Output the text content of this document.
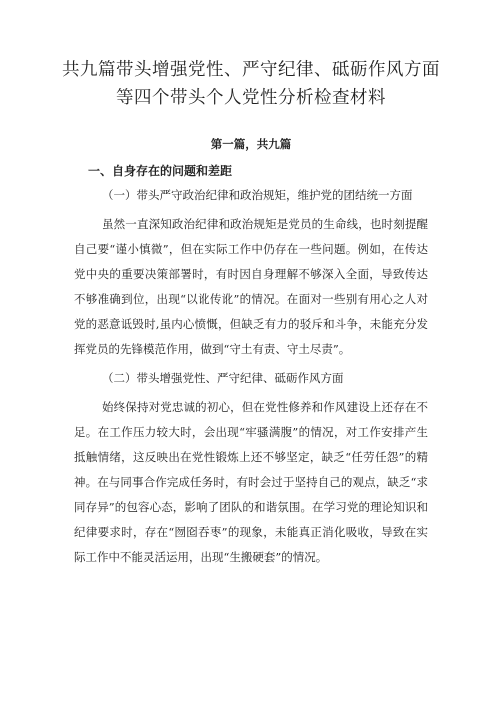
共九篇带头增强党性、严守纪律、砥砺作风方面等四个带头个人党性分析检查材料
第一篇，共九篇
一、自身存在的问题和差距
（一）带头严守政治纪律和政治规矩，维护党的团结统一方面

虽然一直深知政治纪律和政治规矩是党员的生命线，也时刻提醒自己要“谨小慎微”，但在实际工作中仍存在一些问题。例如，在传达党中央的重要决策部署时，有时因自身理解不够深入全面，导致传达不够准确到位，出现“以讹传讹”的情况。在面对一些别有用心之人对党的恶意诋毁时,虽内心愤慨，但缺乏有力的驳斥和斗争，未能充分发挥党员的先锋模范作用，做到“守土有责、守土尽责”。

（二）带头增强党性、严守纪律、砥砺作风方面

始终保持对党忠诚的初心，但在党性修养和作风建设上还存在不足。在工作压力较大时，会出现“牢骚满腹”的情况，对工作安排产生抵触情绪，这反映出在党性锻炼上还不够坚定，缺乏“任劳任怨”的精神。在与同事合作完成任务时，有时会过于坚持自己的观点，缺乏“求同存异”的包容心态，影响了团队的和谐氛围。在学习党的理论知识和纪律要求时，存在“囫囵吞枣”的现象，未能真正消化吸收，导致在实际工作中不能灵活运用，出现“生搬硬套”的情况。
